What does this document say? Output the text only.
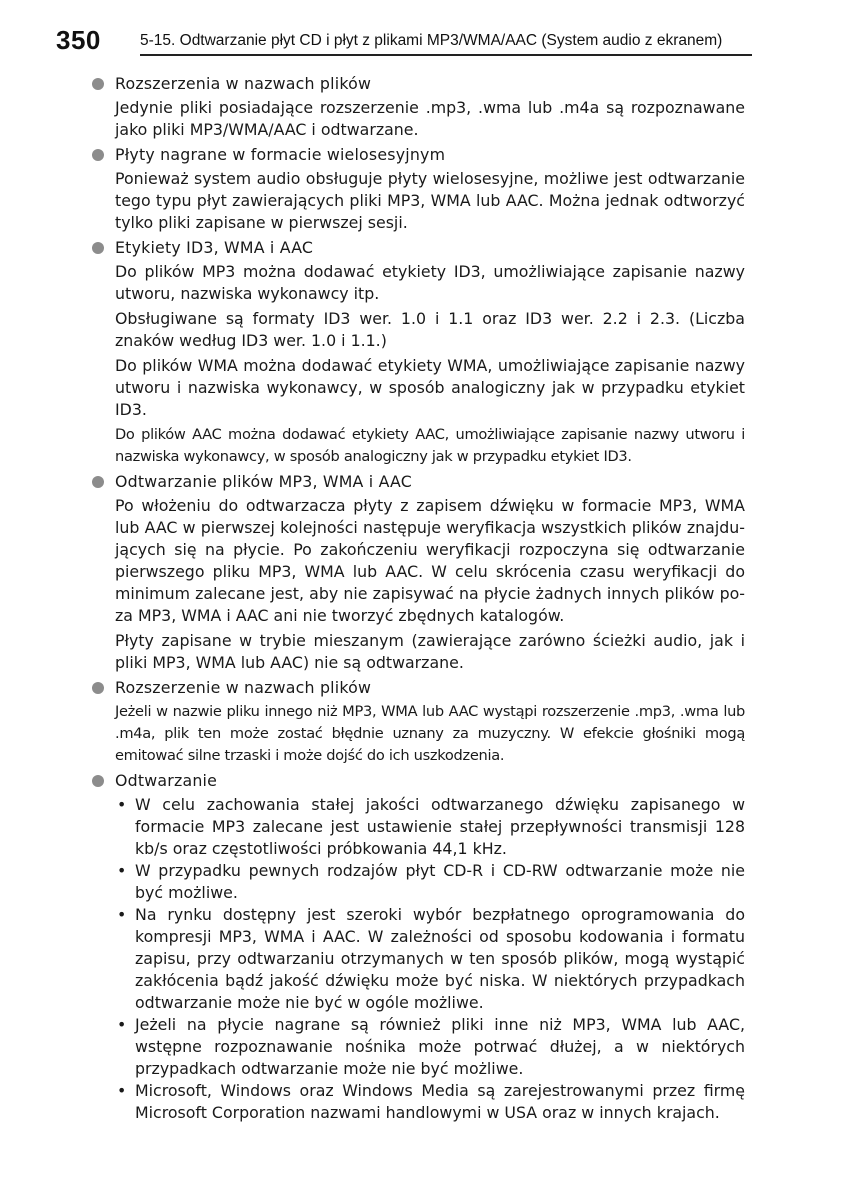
350	5-15. Odtwarzanie płyt CD i płyt z plikami MP3/WMA/AAC (System audio z ekranem)
Rozszerzenia w nazwach plików

Jedynie pliki posiadające rozszerzenie .mp3, .wma lub .m4a są rozpoznawane jako pliki MP3/WMA/AAC i odtwarzane.

Płyty nagrane w formacie wielosesyjnym

Ponieważ system audio obsługuje płyty wielosesyjne, możliwe jest odtwarzanie tego typu płyt zawierających pliki MP3, WMA lub AAC. Można jednak odtworzyć tylko pliki zapisane w pierwszej sesji.

Etykiety ID3, WMA i AAC

Do plików MP3 można dodawać etykiety ID3, umożliwiające zapisanie nazwy utworu, nazwiska wykonawcy itp.

Obsługiwane są formaty ID3 wer. 1.0 i 1.1 oraz ID3 wer. 2.2 i 2.3. (Liczba znaków według ID3 wer. 1.0 i 1.1.)

Do plików WMA można dodawać etykiety WMA, umożliwiające zapisanie nazwy utworu i nazwiska wykonawcy, w sposób analogiczny jak w przypadku etykiet ID3.

Do plików AAC można dodawać etykiety AAC, umożliwiające zapisanie nazwy utworu i nazwiska wykonawcy, w sposób analogiczny jak w przypadku etykiet ID3.

Odtwarzanie plików MP3, WMA i AAC

Po włożeniu do odtwarzacza płyty z zapisem dźwięku w formacie MP3, WMA lub AAC w pierwszej kolejności następuje weryfikacja wszystkich plików znajdujących się na płycie. Po zakończeniu weryfikacji rozpoczyna się odtwarzanie pierwszego pliku MP3, WMA lub AAC. W celu skrócenia czasu weryfikacji do minimum zalecane jest, aby nie zapisywać na płycie żadnych innych plików poza MP3, WMA i AAC ani nie tworzyć zbędnych katalogów.

Płyty zapisane w trybie mieszanym (zawierające zarówno ścieżki audio, jak i pliki MP3, WMA lub AAC) nie są odtwarzane.

Rozszerzenie w nazwach plików

Jeżeli w nazwie pliku innego niż MP3, WMA lub AAC wystąpi rozszerzenie .mp3, .wma lub .m4a, plik ten może zostać błędnie uznany za muzyczny. W efekcie głośniki mogą emitować silne trzaski i może dojść do ich uszkodzenia.

Odtwarzanie
• W celu zachowania stałej jakości odtwarzanego dźwięku zapisanego w formacie MP3 zalecane jest ustawienie stałej przepływności transmisji 128 kb/s oraz częstotliwości próbkowania 44,1 kHz.
• W przypadku pewnych rodzajów płyt CD-R i CD-RW odtwarzanie może nie być możliwe.
• Na rynku dostępny jest szeroki wybór bezpłatnego oprogramowania do kompresji MP3, WMA i AAC. W zależności od sposobu kodowania i formatu zapisu, przy odtwarzaniu otrzymanych w ten sposób plików, mogą wystąpić zakłócenia bądź jakość dźwięku może być niska. W niektórych przypadkach odtwarzanie może nie być w ogóle możliwe.
• Jeżeli na płycie nagrane są również pliki inne niż MP3, WMA lub AAC, wstępne rozpoznawanie nośnika może potrwać dłużej, a w niektórych przypadkach odtwarzanie może nie być możliwe.
• Microsoft, Windows oraz Windows Media są zarejestrowanymi przez firmę Microsoft Corporation nazwami handlowymi w USA oraz w innych krajach.
